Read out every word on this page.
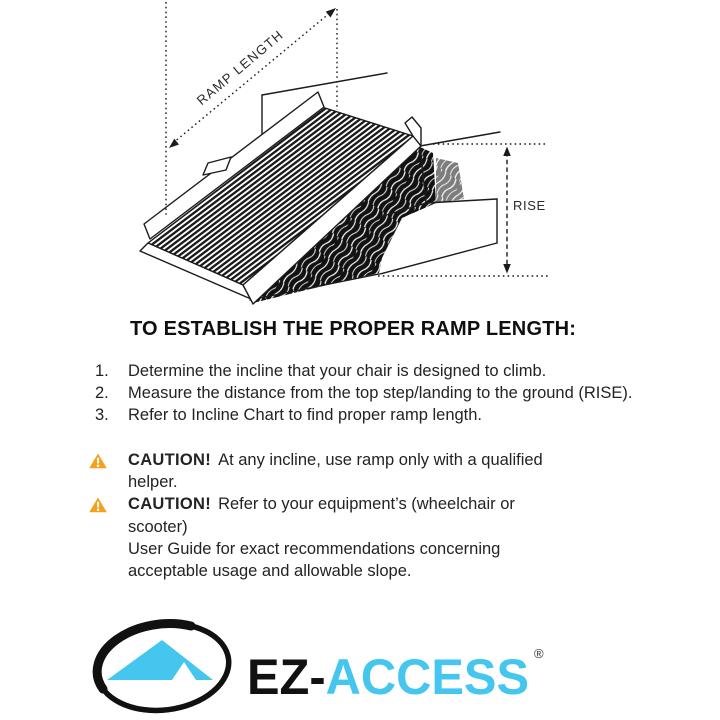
RAMP LENGTH
RISE
TO ESTABLISH THE PROPER RAMP LENGTH:
1.	Determine the incline that your chair is designed to climb.
2.	Measure the distance from the top step/landing to the ground (RISE).
3.	Refer to Incline Chart to find proper ramp length.
CAUTION! At any incline, use ramp only with a qualified
helper.
CAUTION! Refer to your equipment’s (wheelchair or scooter)
User Guide for exact recommendations concerning
acceptable usage and allowable slope.
EZ-ACCESS ®
